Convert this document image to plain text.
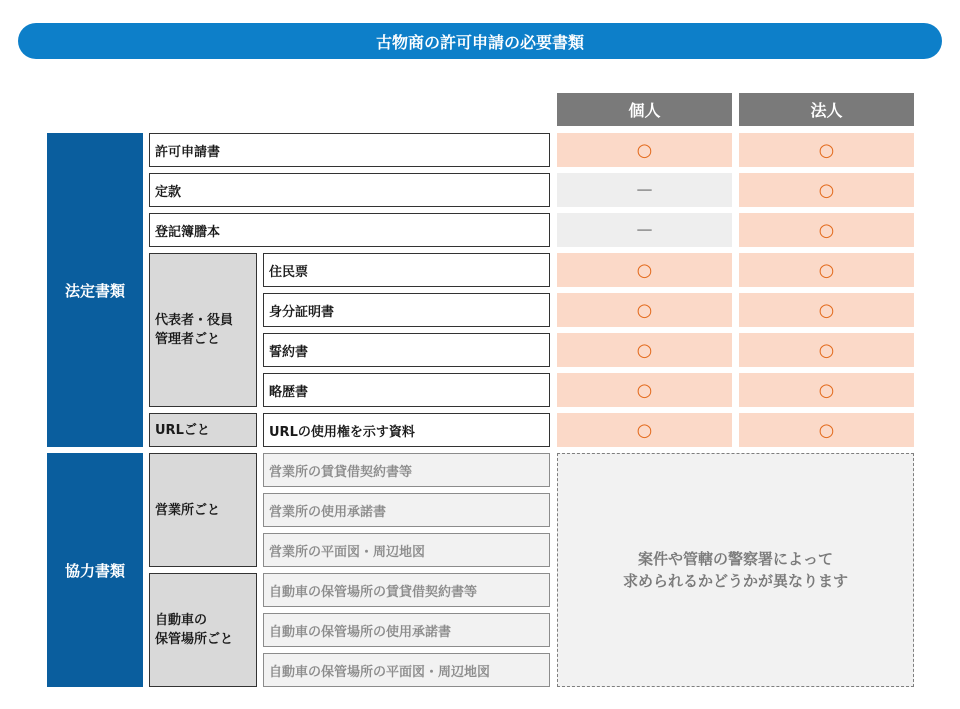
古物商の許可申請の必要書類
個人	法人
法定書類
協力書類
代表者・役員
管理者ごと
URLごと
営業所ごと
自動車の
保管場所ごと
許可申請書
定款
登記簿謄本
住民票
身分証明書
誓約書
略歴書
URLの使用権を示す資料
○
－
－
○
○
○
○
○
○
○
○
○
○
○
○
○
営業所の賃貸借契約書等
営業所の使用承諾書
営業所の平面図・周辺地図
自動車の保管場所の賃貸借契約書等
自動車の保管場所の使用承諾書
自動車の保管場所の平面図・周辺地図
案件や管轄の警察署によって
求められるかどうかが異なります
